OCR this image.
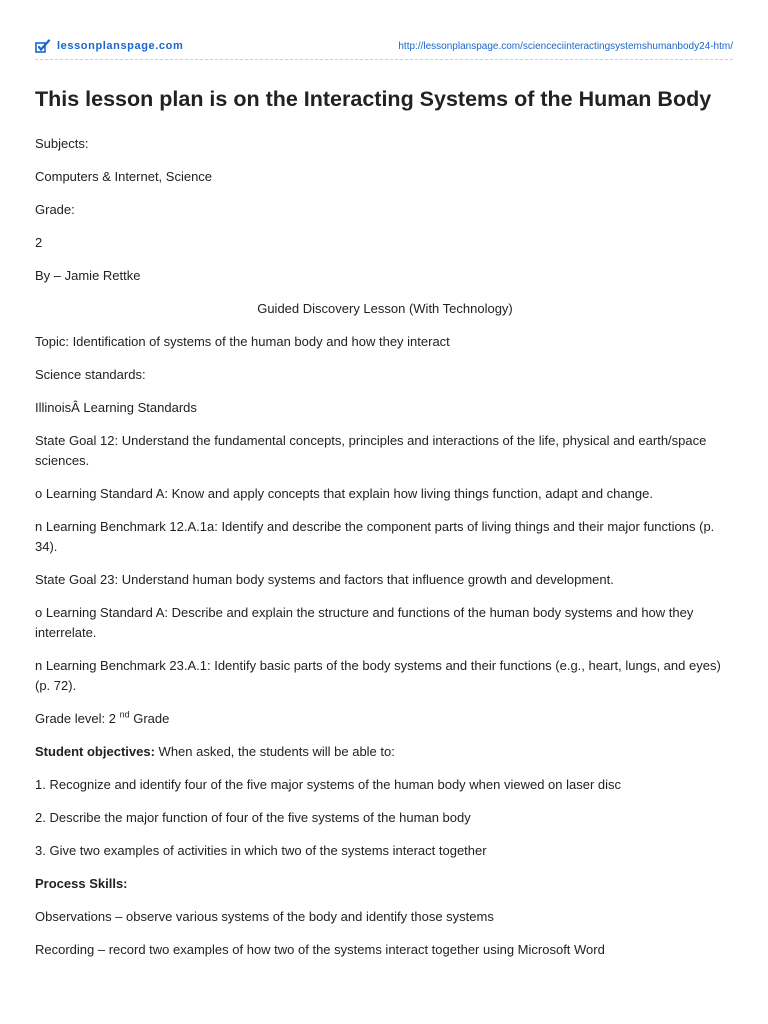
lessonplanspage.com	http://lessonplanspage.com/scienceciinteractingsystemshumanbody24-htm/
This lesson plan is on the Interacting Systems of the Human Body

Subjects:

Computers & Internet, Science

Grade:

2

By – Jamie Rettke

Guided Discovery Lesson (With Technology)

Topic: Identification of systems of the human body and how they interact

Science standards:

IllinoisÂ Learning Standards

State Goal 12: Understand the fundamental concepts, principles and interactions of the life, physical and earth/space sciences.

o Learning Standard A: Know and apply concepts that explain how living things function, adapt and change.

n Learning Benchmark 12.A.1a: Identify and describe the component parts of living things and their major functions (p. 34).

State Goal 23: Understand human body systems and factors that influence growth and development.

o Learning Standard A: Describe and explain the structure and functions of the human body systems and how they interrelate.

n Learning Benchmark 23.A.1: Identify basic parts of the body systems and their functions (e.g., heart, lungs, and eyes) (p. 72).

Grade level: 2 $^{nd}$ Grade

Student objectives: When asked, the students will be able to:

1. Recognize and identify four of the five major systems of the human body when viewed on laser disc

2. Describe the major function of four of the five systems of the human body

3. Give two examples of activities in which two of the systems interact together

Process Skills:

Observations – observe various systems of the body and identify those systems

Recording – record two examples of how two of the systems interact together using Microsoft Word
